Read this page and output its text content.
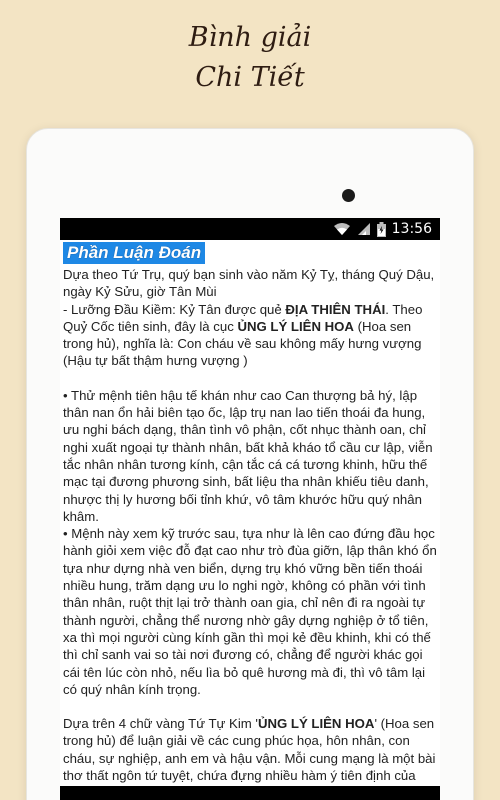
Bình giải
Chi Tiết
13:56
Phần Luận Đoán
Dựa theo Tứ Trụ, quý bạn sinh vào năm Kỷ Tỵ, tháng Quý Dậu, ngày Kỷ Sửu, giờ Tân Mùi
- Lưỡng Đầu Kiềm: Kỷ Tân được quẻ ĐỊA THIÊN THÁI. Theo Quỷ Cốc tiên sinh, đây là cục ỦNG LÝ LIÊN HOA (Hoa sen trong hủ), nghĩa là: Con cháu về sau không mấy hưng vượng (Hậu tự bất thậm hưng vượng )
• Thử mệnh tiên hậu tế khán như cao Can thượng bả hý, lập thân nan ổn hải biên tạo ốc, lập trụ nan lao tiến thoái đa hung, ưu nghi bách dạng, thân tình vô phận, cốt nhục thành oan, chỉ nghi xuất ngoại tự thành nhân, bất khả kháo tổ cầu cư lập, viễn tắc nhân nhân tương kính, cận tắc cá cá tương khinh, hữu thế mạc tại đương phương sinh, bất liệu tha nhân khiếu tiêu danh, nhược thị ly hương bối tỉnh khứ, vô tâm khước hữu quý nhân khâm.
• Mệnh này xem kỹ trước sau, tựa như là lên cao đứng đầu học hành giỏi xem việc đỗ đạt cao như trò đùa giỡn, lập thân khó ổn tựa như dựng nhà ven biển, dựng trụ khó vững bền tiến thoái nhiều hung, trăm dạng ưu lo nghi ngờ, không có phần với tình thân nhân, ruột thịt lại trở thành oan gia, chỉ nên đi ra ngoài tự thành người, chẳng thể nương nhờ gây dựng nghiệp ở tổ tiên, xa thì mọi người cùng kính gần thì mọi kẻ đều khinh, khi có thế thì chỉ sanh vai so tài nơi đương có, chẳng để người khác gọi cái tên lúc còn nhỏ, nếu lìa bỏ quê hương mà đi, thì vô tâm lại có quý nhân kính trọng.
Dựa trên 4 chữ vàng Tứ Tự Kim 'ỦNG LÝ LIÊN HOA' (Hoa sen trong hủ) để luận giải về các cung phúc họa, hôn nhân, con cháu, sự nghiệp, anh em và hậu vận. Mỗi cung mạng là một bài thơ thất ngôn tứ tuyệt, chứa đựng nhiều hàm ý tiên định của
